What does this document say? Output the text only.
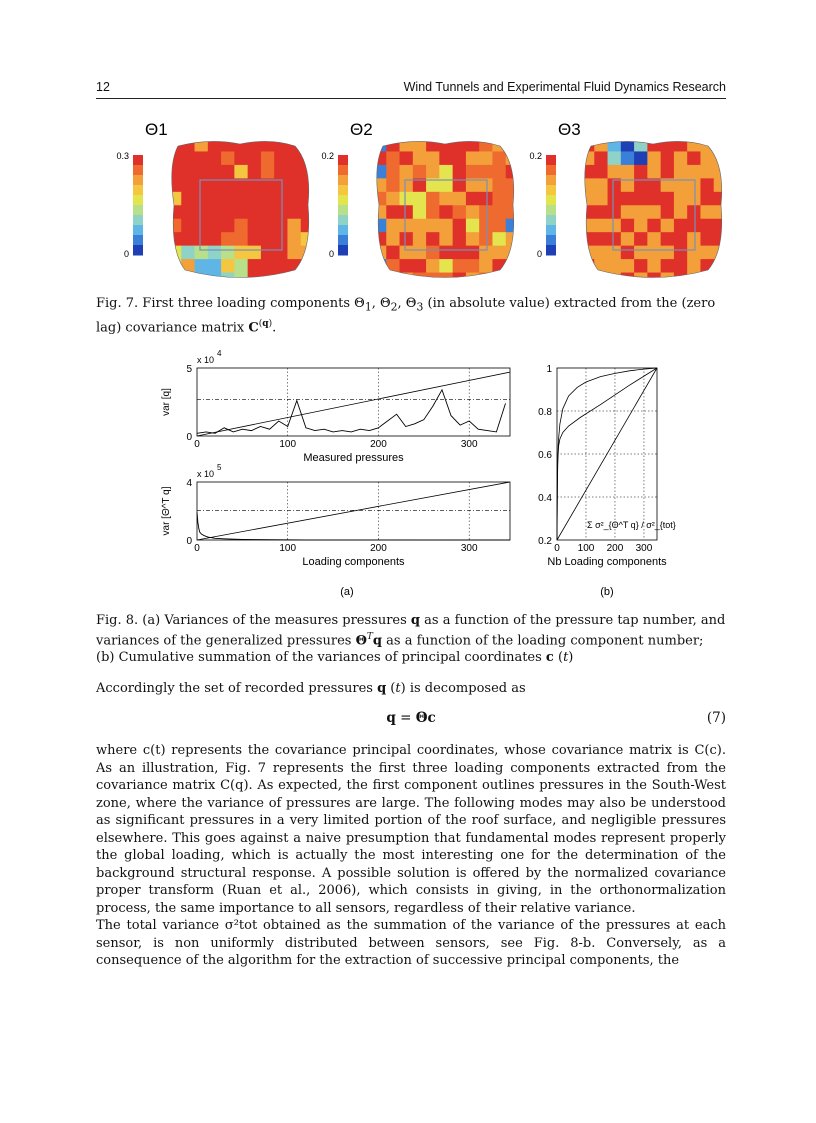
12	Wind Tunnels and Experimental Fluid Dynamics Research
Θ1
0.3
0
Θ2
0.2
0
Θ3
0.2
0
Fig. 7. First three loading components $\Theta_1$, $\Theta_2$, $\Theta_3$ (in absolute value) extracted from the (zero lag) covariance matrix $C^{(q)}$.
0	100	200	300
0
5
Measured pressures
x 10
4
var [q]
0	100	200	300
0
4
Loading components
x 10
5
var [Θ^T q]
0 100 200 300
0.2
0.4
0.6
0.8
1
Nb Loading components
Σ σ²_{Θ^T q} / σ²_{tot}
(a)	(b)
Fig. 8. (a) Variances of the measures pressures q as a function of the pressure tap number, and variances of the generalized pressures $\Theta^Tq$ as a function of the loading component number; (b) Cumulative summation of the variances of principal coordinates c (t)
Accordingly the set of recorded pressures q (t) is decomposed as
q = Θc	(7)

where c(t) represents the covariance principal coordinates, whose covariance matrix is C(c). As an illustration, Fig. 7 represents the first three loading components extracted from the covariance matrix C(q). As expected, the first component outlines pressures in the South-West zone, where the variance of pressures are large. The following modes may also be understood as significant pressures in a very limited portion of the roof surface, and negligible pressures elsewhere. This goes against a naive presumption that fundamental modes represent properly the global loading, which is actually the most interesting one for the determination of the background structural response. A possible solution is offered by the normalized covariance proper transform (Ruan et al., 2006), which consists in giving, in the orthonormalization process, the same importance to all sensors, regardless of their relative variance.

The total variance σ²tot obtained as the summation of the variance of the pressures at each sensor, is non uniformly distributed between sensors, see Fig. 8-b. Conversely, as a consequence of the algorithm for the extraction of successive principal components, the
